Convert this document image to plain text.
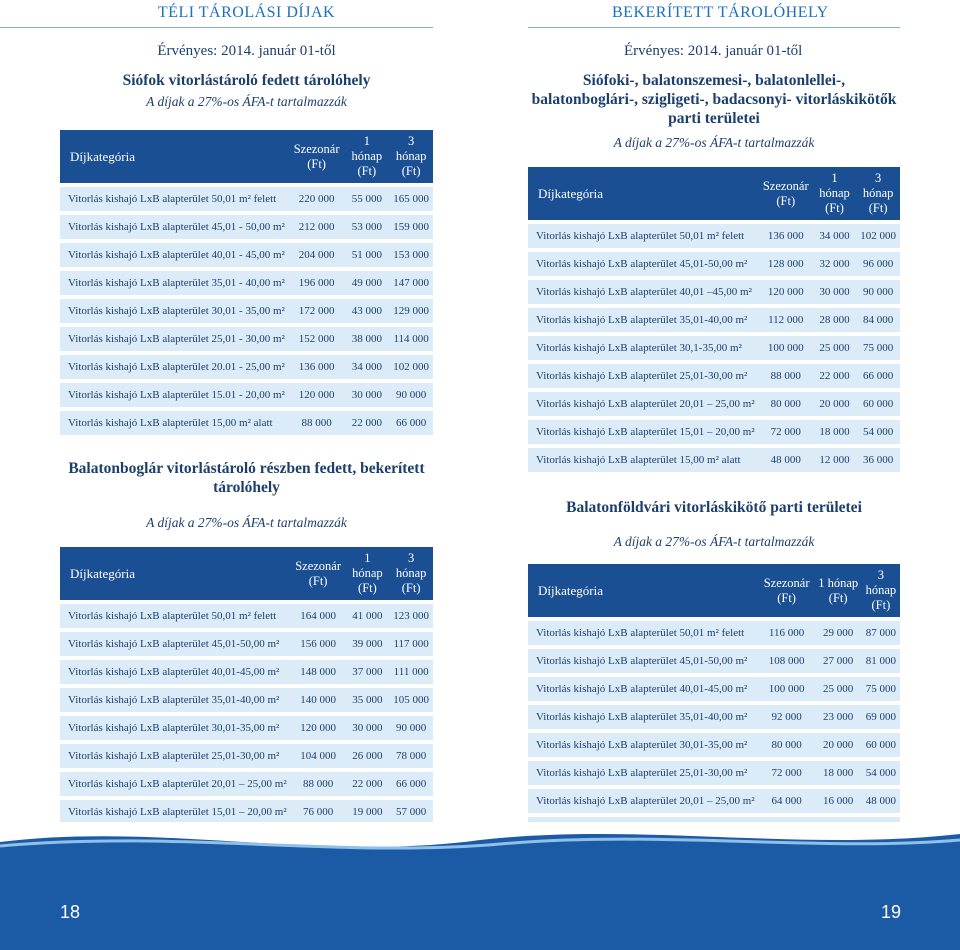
TÉLI TÁROLÁSI DÍJAK
Érvényes: 2014. január 01-től
Siófok vitorlástároló fedett tárolóhely
A díjak a 27%-os ÁFA-t tartalmazzák
Díjkategória	Szezonár (Ft)	1 hónap (Ft)	3 hónap (Ft)
Vitorlás kishajó LxB alapterület 50,01 m² felett	220 000	55 000	165 000
Vitorlás kishajó LxB alapterület 45,01 - 50,00 m²	212 000	53 000	159 000
Vitorlás kishajó LxB alapterület 40,01 - 45,00 m²	204 000	51 000	153 000
Vitorlás kishajó LxB alapterület 35,01 - 40,00 m²	196 000	49 000	147 000
Vitorlás kishajó LxB alapterület 30,01 - 35,00 m²	172 000	43 000	129 000
Vitorlás kishajó LxB alapterület 25,01 - 30,00 m²	152 000	38 000	114 000
Vitorlás kishajó LxB alapterület 20.01 - 25,00 m²	136 000	34 000	102 000
Vitorlás kishajó LxB alapterület 15.01 - 20,00 m²	120 000	30 000	90 000
Vitorlás kishajó LxB alapterület 15,00 m² alatt	88 000	22 000	66 000
Balatonboglár vitorlástároló részben fedett, bekerített tárolóhely
A díjak a 27%-os ÁFA-t tartalmazzák
Díjkategória	Szezonár (Ft)	1 hónap (Ft)	3 hónap (Ft)
Vitorlás kishajó LxB alapterület 50,01 m² felett	164 000	41 000	123 000
Vitorlás kishajó LxB alapterület 45,01-50,00 m²	156 000	39 000	117 000
Vitorlás kishajó LxB alapterület 40,01-45,00 m²	148 000	37 000	111 000
Vitorlás kishajó LxB alapterület 35,01-40,00 m²	140 000	35 000	105 000
Vitorlás kishajó LxB alapterület 30,01-35,00 m²	120 000	30 000	90 000
Vitorlás kishajó LxB alapterület 25,01-30,00 m²	104 000	26 000	78 000
Vitorlás kishajó LxB alapterület 20,01 – 25,00 m²	88 000	22 000	66 000
Vitorlás kishajó LxB alapterület 15,01 – 20,00 m²	76 000	19 000	57 000

BEKERÍTETT TÁROLÓHELY
Érvényes: 2014. január 01-től
Siófoki-, balatonszemesi-, balatonlellei-, balatonboglári-, szigligeti-, badacsonyi- vitorláskikötők parti területei
A díjak a 27%-os ÁFA-t tartalmazzák
Díjkategória	Szezonár (Ft)	1 hónap (Ft)	3 hónap (Ft)
Vitorlás kishajó LxB alapterület 50,01 m² felett	136 000	34 000	102 000
Vitorlás kishajó LxB alapterület 45,01-50,00 m²	128 000	32 000	96 000
Vitorlás kishajó LxB alapterület 40,01 –45,00 m²	120 000	30 000	90 000
Vitorlás kishajó LxB alapterület 35,01-40,00 m²	112 000	28 000	84 000
Vitorlás kishajó LxB alapterület 30,1-35,00 m²	100 000	25 000	75 000
Vitorlás kishajó LxB alapterület 25,01-30,00 m²	88 000	22 000	66 000
Vitorlás kishajó LxB alapterület 20,01 – 25,00 m²	80 000	20 000	60 000
Vitorlás kishajó LxB alapterület 15,01 – 20,00 m²	72 000	18 000	54 000
Vitorlás kishajó LxB alapterület 15,00 m² alatt	48 000	12 000	36 000
Balatonföldvári vitorláskikötő parti területei
A díjak a 27%-os ÁFA-t tartalmazzák
Díjkategória	Szezonár (Ft)	1 hónap (Ft)	3 hónap (Ft)
Vitorlás kishajó LxB alapterület 50,01 m² felett	116 000	29 000	87 000
Vitorlás kishajó LxB alapterület 45,01-50,00 m²	108 000	27 000	81 000
Vitorlás kishajó LxB alapterület 40,01-45,00 m²	100 000	25 000	75 000
Vitorlás kishajó LxB alapterület 35,01-40,00 m²	92 000	23 000	69 000
Vitorlás kishajó LxB alapterület 30,01-35,00 m²	80 000	20 000	60 000
Vitorlás kishajó LxB alapterület 25,01-30,00 m²	72 000	18 000	54 000
Vitorlás kishajó LxB alapterület 20,01 – 25,00 m²	64 000	16 000	48 000

18	19
